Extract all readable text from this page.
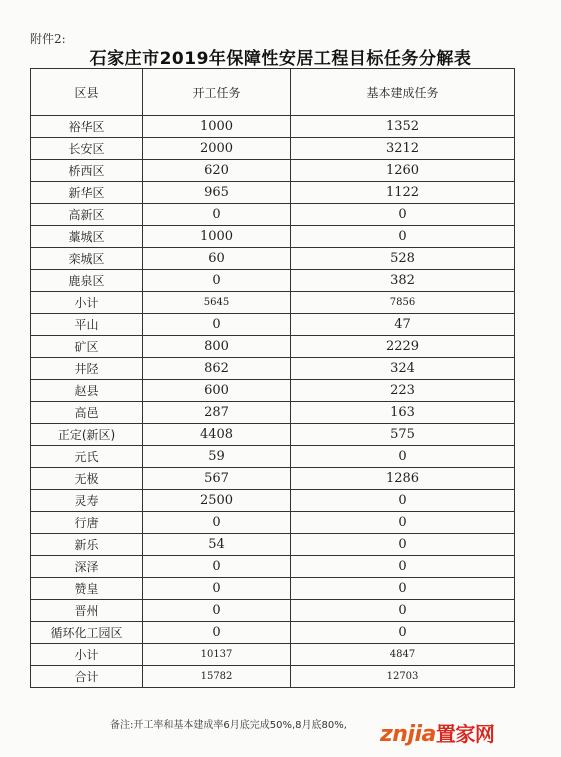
附件2:
石家庄市2019年保障性安居工程目标任务分解表
区县	开工任务	基本建成任务
裕华区	1000	1352
长安区	2000	3212
桥西区	620	1260
新华区	965	1122
高新区	0	0
藁城区	1000	0
栾城区	60	528
鹿泉区	0	382
小计	5645	7856
平山	0	47
矿区	800	2229
井陉	862	324
赵县	600	223
高邑	287	163
正定(新区)	4408	575
元氏	59	0
无极	567	1286
灵寿	2500	0
行唐	0	0
新乐	54	0
深泽	0	0
赞皇	0	0
晋州	0	0
循环化工园区	0	0
小计	10137	4847
合计	15782	12703
备注:开工率和基本建成率6月底完成50%,8月底80%, znjia置家网
